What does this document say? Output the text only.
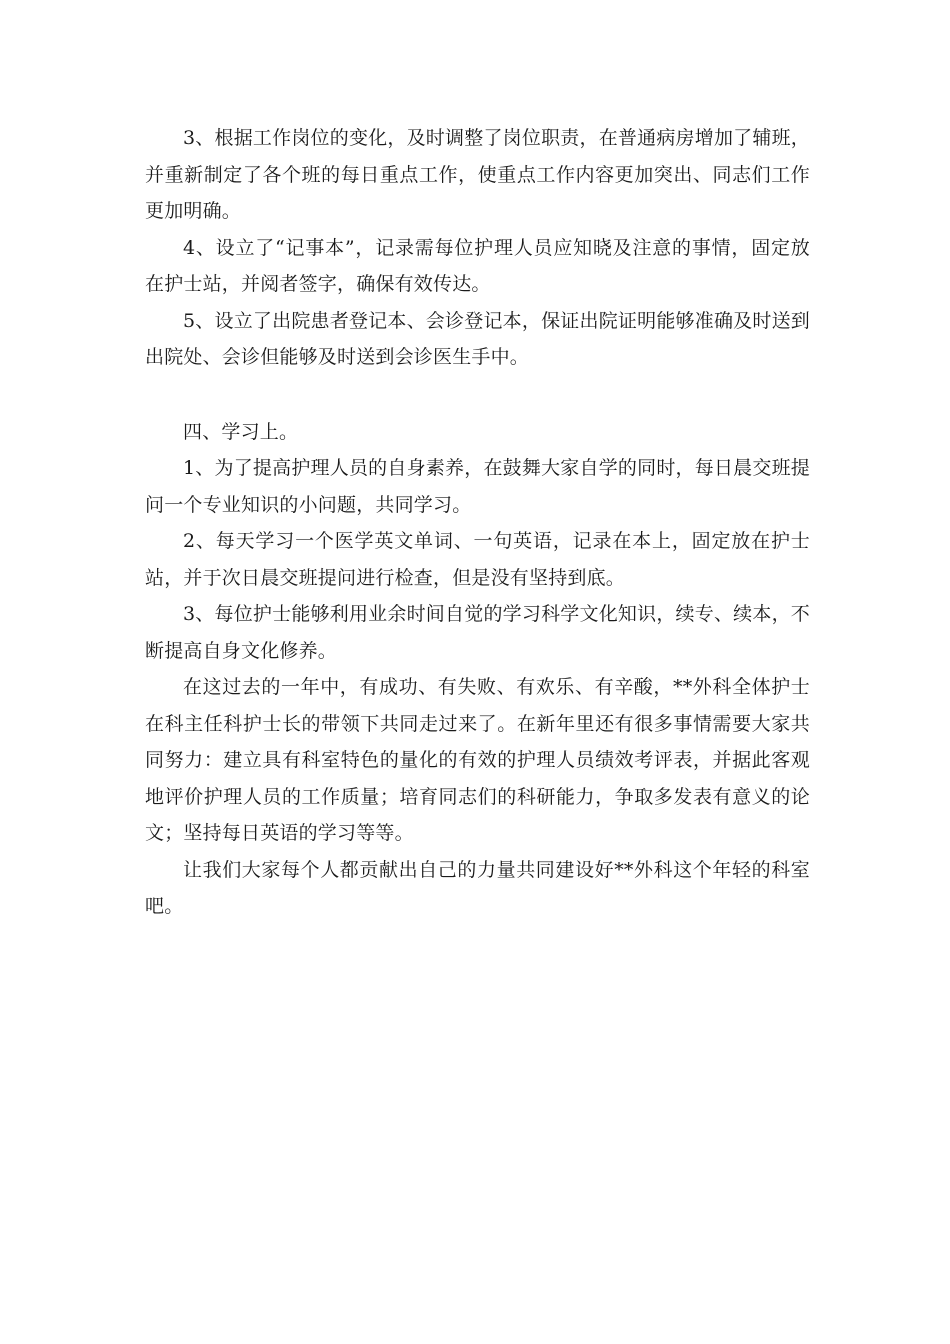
3、根据工作岗位的变化，及时调整了岗位职责，在普通病房增加了辅班，并重新制定了各个班的每日重点工作，使重点工作内容更加突出、同志们工作更加明确。

4、设立了“记事本”，记录需每位护理人员应知晓及注意的事情，固定放在护士站，并阅者签字，确保有效传达。

5、设立了出院患者登记本、会诊登记本，保证出院证明能够准确及时送到出院处、会诊但能够及时送到会诊医生手中。

四、学习上。

1、为了提高护理人员的自身素养，在鼓舞大家自学的同时，每日晨交班提问一个专业知识的小问题，共同学习。

2、每天学习一个医学英文单词、一句英语，记录在本上，固定放在护士站，并于次日晨交班提问进行检查，但是没有坚持到底。

3、每位护士能够利用业余时间自觉的学习科学文化知识，续专、续本，不断提高自身文化修养。

在这过去的一年中，有成功、有失败、有欢乐、有辛酸，**外科全体护士在科主任科护士长的带领下共同走过来了。在新年里还有很多事情需要大家共同努力：建立具有科室特色的量化的有效的护理人员绩效考评表，并据此客观地评价护理人员的工作质量；培育同志们的科研能力，争取多发表有意义的论文；坚持每日英语的学习等等。

让我们大家每个人都贡献出自己的力量共同建设好**外科这个年轻的科室吧。
